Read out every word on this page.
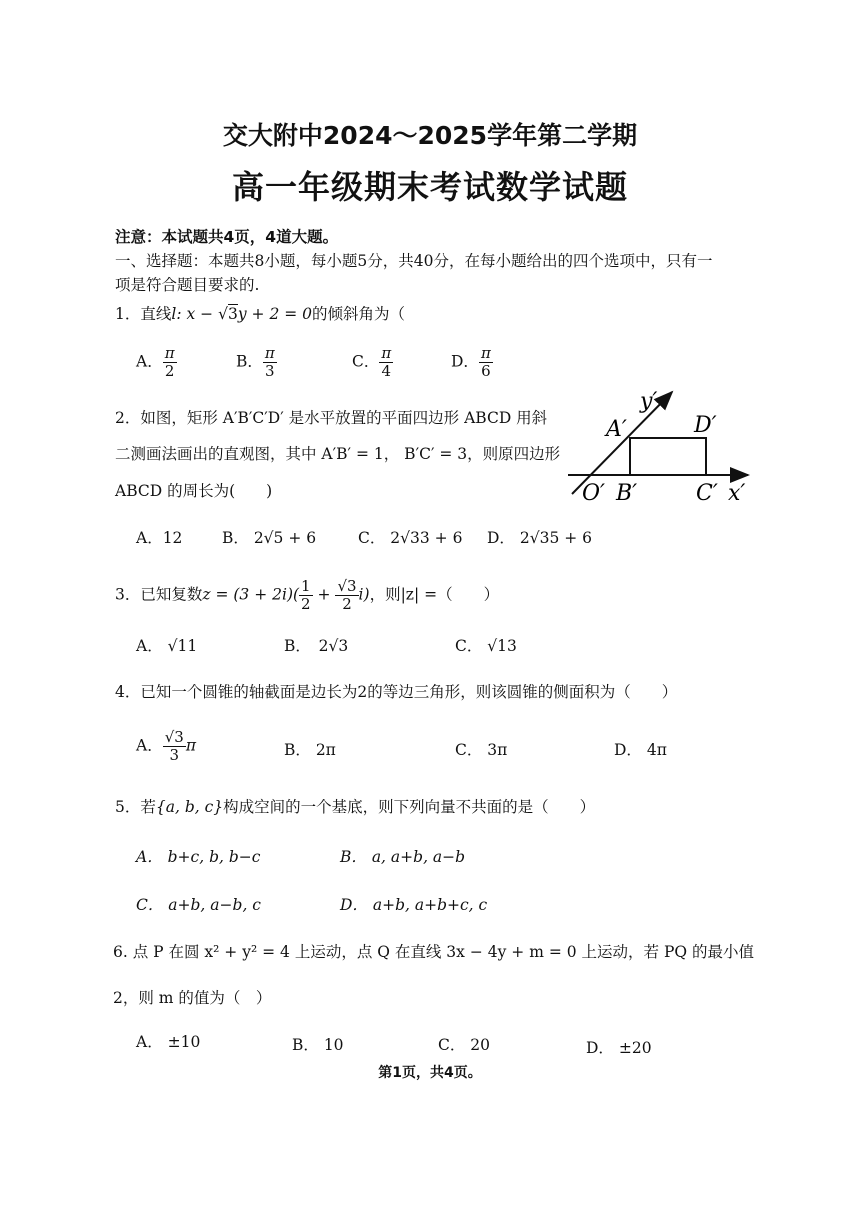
交大附中2024～2025学年第二学期
高一年级期末考试数学试题
注意：本试题共4页，4道大题。
一、选择题：本题共8小题，每小题5分，共40分，在每小题给出的四个选项中，只有一
项是符合题目要求的.
1．直线l: x − √3y + 2 = 0的倾斜角为（
A． $\frac{\pi}{2}$	B． $\frac{\pi}{3}$	C． $\frac{\pi}{4}$	D． $\frac{\pi}{6}$
2．如图，矩形 A′B′C′D′ 是水平放置的平面四边形 ABCD 用斜
二测画法画出的直观图，其中 A′B′ = 1， B′C′ = 3，则原四边形
ABCD 的周长为(　　)
y′
A′	D′
O′ B′	C′ x′
A．12	B． 2√5 + 6	C． 2√33 + 6 D． 2√35 + 6
3．已知复数$z = (3 + 2i)( \frac{1}{2} + \frac{√3}{2} i)$，则|z| =（　　）
A． √11	B．　2√3	C． √13
4．已知一个圆锥的轴截面是边长为2的等边三角形，则该圆锥的侧面积为（　　）
A． $\frac{√3}{3}$ π	B． 2π	C． 3π	D． 4π
5．若{a, b, c}构成空间的一个基底，则下列向量不共面的是（　　）
A． b+c, b, b−c	B． a, a+b, a−b
C． a+b, a−b, c	D． a+b, a+b+c, c
6. 点 P 在圆 x² + y² = 4 上运动，点 Q 在直线 3x − 4y + m = 0 上运动，若 PQ 的最小值
2，则 m 的值为（　）
A． ±10	B． 10	C． 20	D． ±20
第1页，共4页。
